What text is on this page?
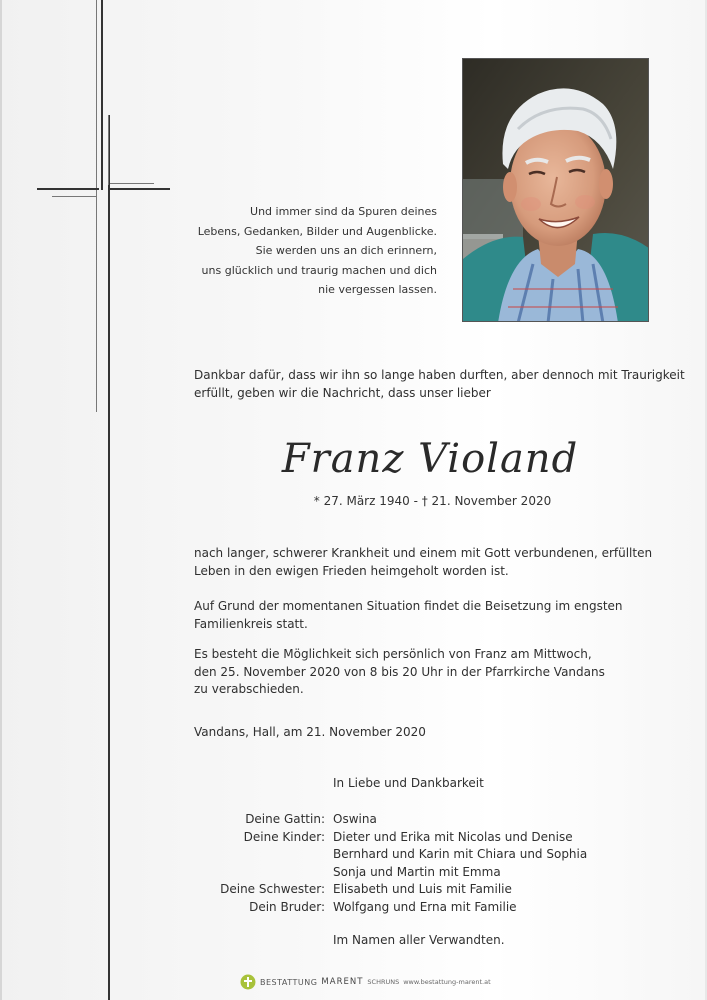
Und immer sind da Spuren deines
Lebens, Gedanken, Bilder und Augenblicke.
Sie werden uns an dich erinnern,
uns glücklich und traurig machen und dich
nie vergessen lassen.
Dankbar dafür, dass wir ihn so lange haben durften, aber dennoch mit Traurigkeit
erfüllt, geben wir die Nachricht, dass unser lieber
Franz Violand
* 27. März 1940 - † 21. November 2020
nach langer, schwerer Krankheit und einem mit Gott verbundenen, erfüllten
Leben in den ewigen Frieden heimgeholt worden ist.
Auf Grund der momentanen Situation findet die Beisetzung im engsten
Familienkreis statt.
Es besteht die Möglichkeit sich persönlich von Franz am Mittwoch,
den 25. November 2020 von 8 bis 20 Uhr in der Pfarrkirche Vandans
zu verabschieden.
Vandans, Hall, am 21. November 2020
In Liebe und Dankbarkeit
Deine Gattin: Oswina
Deine Kinder: Dieter und Erika mit Nicolas und Denise
Bernhard und Karin mit Chiara und Sophia
Sonja und Martin mit Emma
Deine Schwester: Elisabeth und Luis mit Familie
Dein Bruder: Wolfgang und Erna mit Familie
Im Namen aller Verwandten.
BESTATTUNG MARENT SCHRUNS www.bestattung-marent.at
